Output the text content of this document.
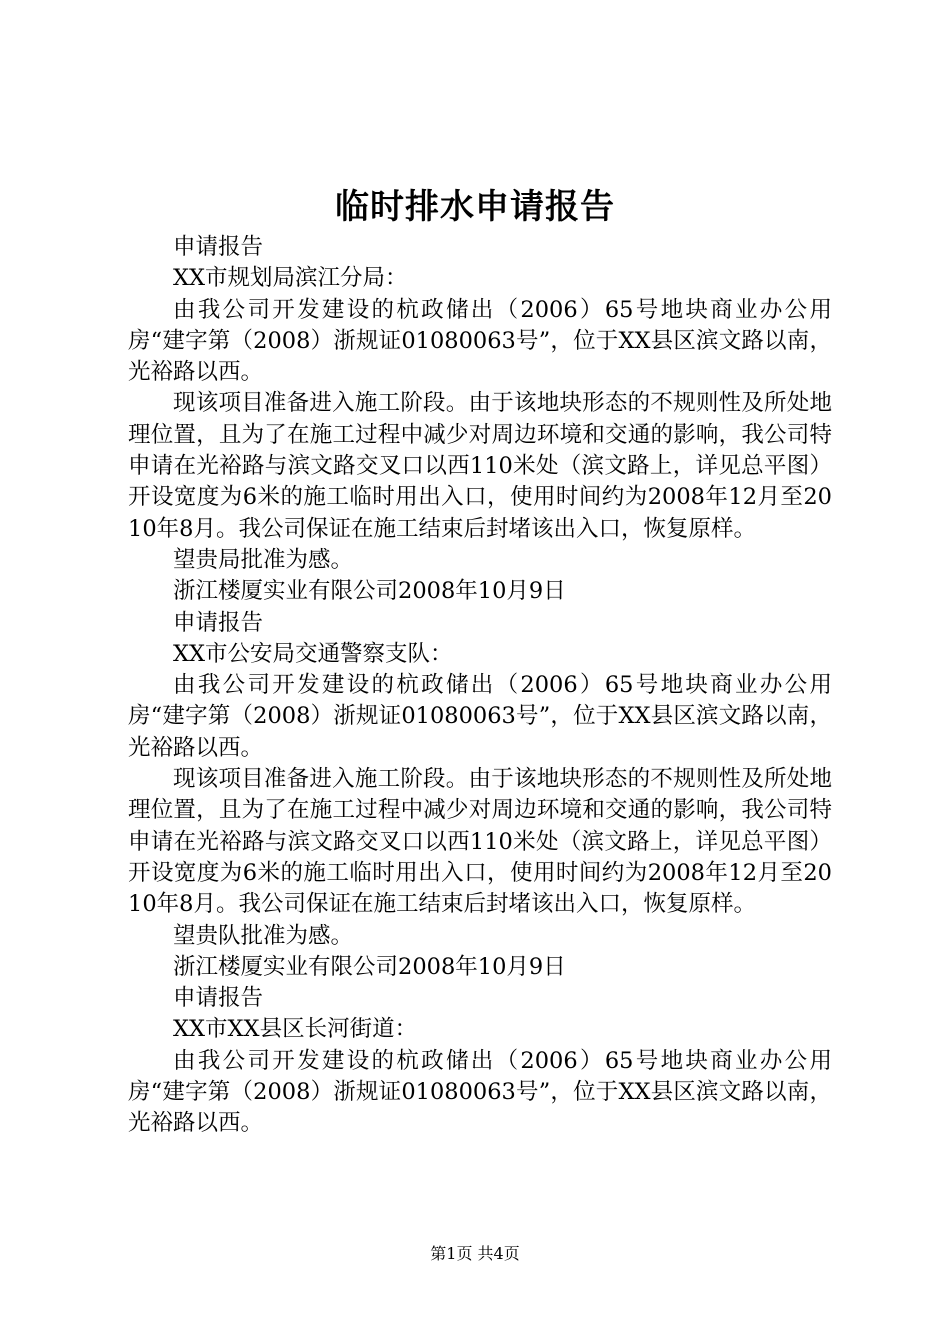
临时排水申请报告

申请报告

XX市规划局滨江分局：

由我公司开发建设的杭政储出（2006）65号地块商业办公用房“建字第（2008）浙规证01080063号”，位于XX县区滨文路以南，光裕路以西。

现该项目准备进入施工阶段。由于该地块形态的不规则性及所处地理位置，且为了在施工过程中减少对周边环境和交通的影响，我公司特申请在光裕路与滨文路交叉口以西110米处（滨文路上，详见总平图）开设宽度为6米的施工临时用出入口，使用时间约为2008年12月至2010年8月。我公司保证在施工结束后封堵该出入口，恢复原样。

望贵局批准为感。

浙江楼厦实业有限公司2008年10月9日

申请报告

XX市公安局交通警察支队：

由我公司开发建设的杭政储出（2006）65号地块商业办公用房“建字第（2008）浙规证01080063号”，位于XX县区滨文路以南，光裕路以西。

现该项目准备进入施工阶段。由于该地块形态的不规则性及所处地理位置，且为了在施工过程中减少对周边环境和交通的影响，我公司特申请在光裕路与滨文路交叉口以西110米处（滨文路上，详见总平图）开设宽度为6米的施工临时用出入口，使用时间约为2008年12月至2010年8月。我公司保证在施工结束后封堵该出入口，恢复原样。

望贵队批准为感。

浙江楼厦实业有限公司2008年10月9日

申请报告

XX市XX县区长河街道：

由我公司开发建设的杭政储出（2006）65号地块商业办公用房“建字第（2008）浙规证01080063号”，位于XX县区滨文路以南，光裕路以西。

第1页 共4页
